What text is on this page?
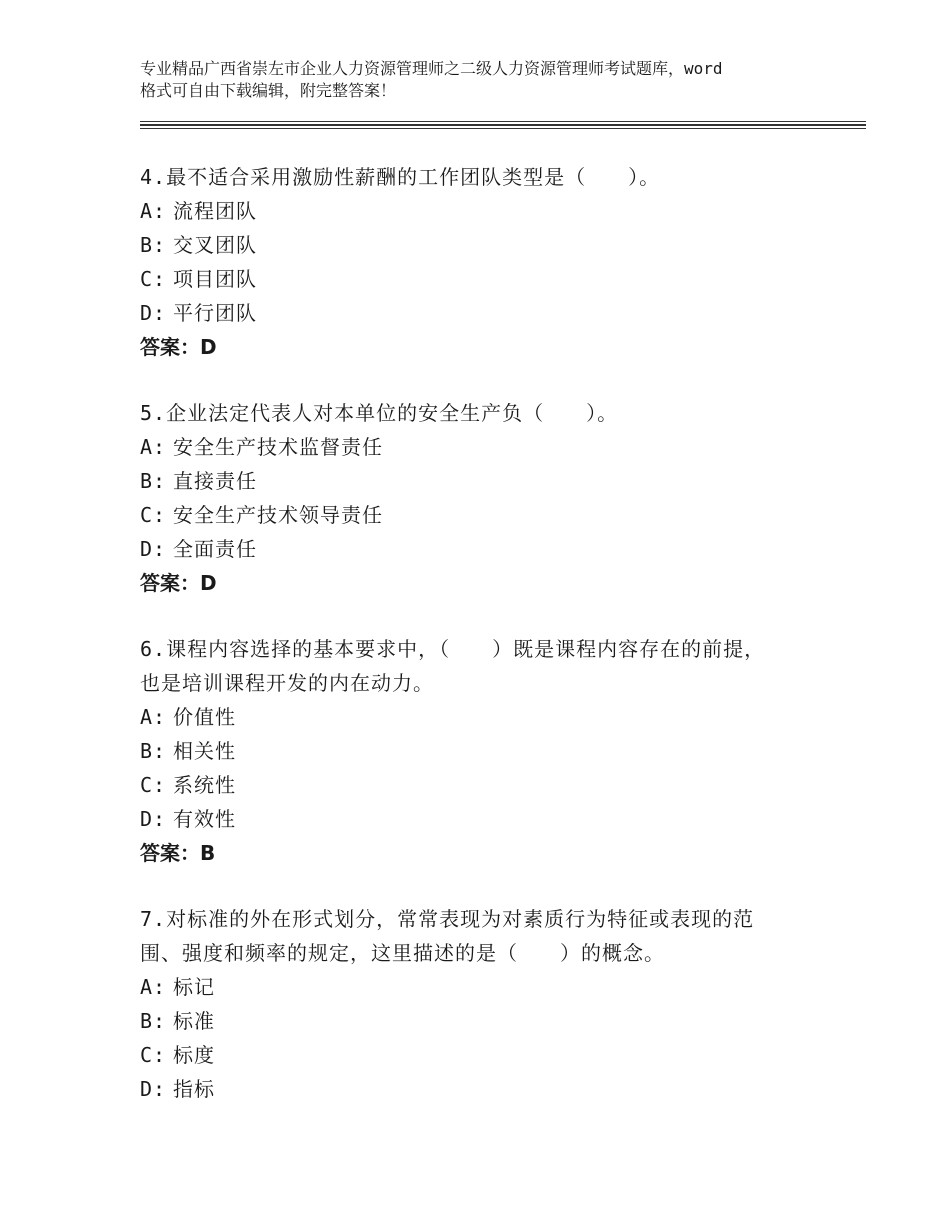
专业精品广西省崇左市企业人力资源管理师之二级人力资源管理师考试题库，word
格式可自由下载编辑，附完整答案！
4.最不适合采用激励性薪酬的工作团队类型是（　　）。
A: 流程团队
B: 交叉团队
C: 项目团队
D: 平行团队
答案：D
5.企业法定代表人对本单位的安全生产负（　　）。
A: 安全生产技术监督责任
B: 直接责任
C: 安全生产技术领导责任
D: 全面责任
答案：D
6.课程内容选择的基本要求中，（　　）既是课程内容存在的前提，
也是培训课程开发的内在动力。
A: 价值性
B: 相关性
C: 系统性
D: 有效性
答案：B
7.对标准的外在形式划分，常常表现为对素质行为特征或表现的范
围、强度和频率的规定，这里描述的是（　　）的概念。
A: 标记
B: 标准
C: 标度
D: 指标
